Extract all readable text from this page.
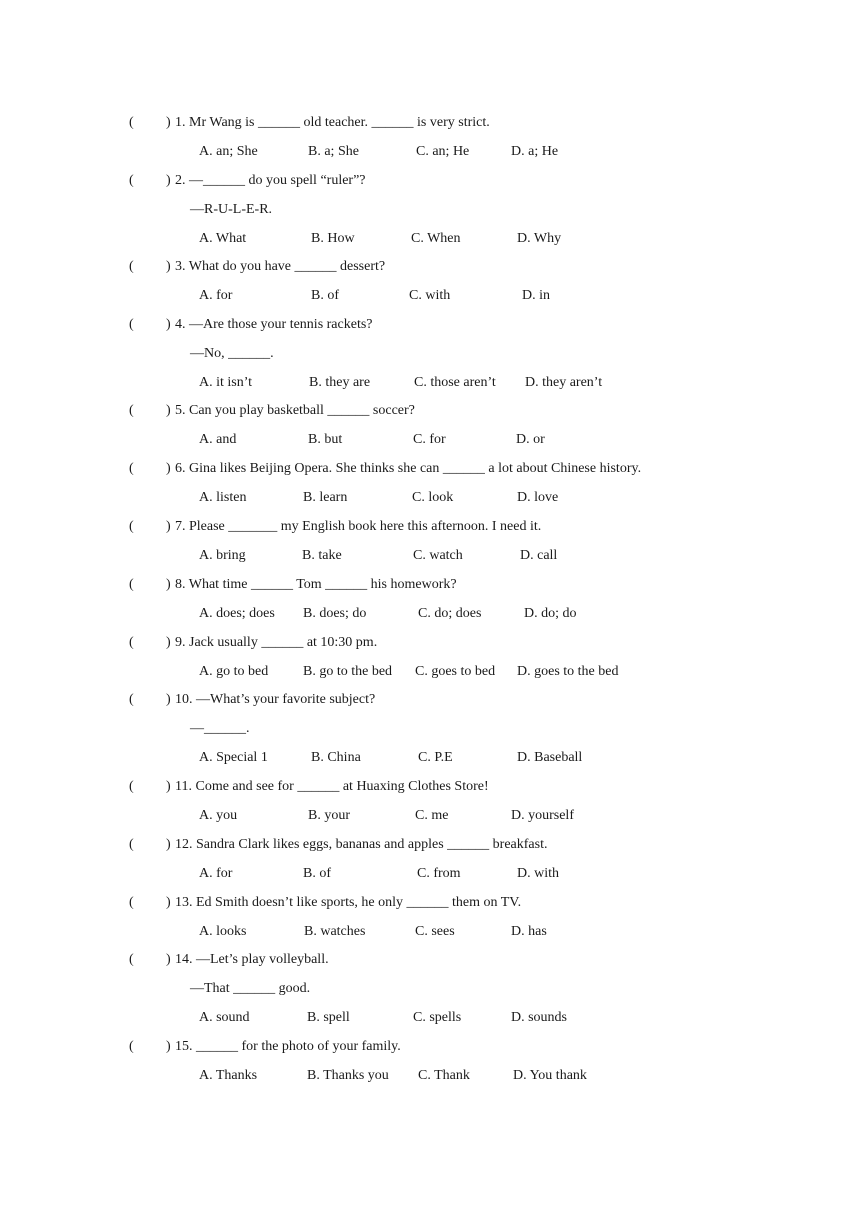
( ) 1. Mr Wang is ______ old teacher. ______ is very strict.
A. an; She	B. a; She	C. an; He	D. a; He
( ) 2. —______ do you spell “ruler”?
—R-U-L-E-R.
A. What	B. How	C. When	D. Why
( ) 3. What do you have ______ dessert?
A. for	B. of	C. with	D. in
( ) 4. —Are those your tennis rackets?
—No, ______.
A. it isn’t	B. they are	C. those aren’t D. they aren’t
( ) 5. Can you play basketball ______ soccer?
A. and	B. but	C. for	D. or
( ) 6. Gina likes Beijing Opera. She thinks she can ______ a lot about Chinese history.
A. listen	B. learn	C. look	D. love
( ) 7. Please _______ my English book here this afternoon. I need it.
A. bring	B. take	C. watch	D. call
( ) 8. What time ______ Tom ______ his homework?
A. does; does B. does; do	C. do; does	D. do; do
( ) 9. Jack usually ______ at 10:30 pm.
A. go to bed B. go to the bed C. goes to bed D. goes to the bed
( ) 10. —What’s your favorite subject?
—______.
A. Special 1	B. China	C. P.E	D. Baseball
( ) 11. Come and see for ______ at Huaxing Clothes Store!
A. you	B. your	C. me	D. yourself
( ) 12. Sandra Clark likes eggs, bananas and apples ______ breakfast.
A. for	B. of	C. from	D. with
( ) 13. Ed Smith doesn’t like sports, he only ______ them on TV.
A. looks	B. watches	C. sees	D. has
( ) 14. —Let’s play volleyball.
—That ______ good.
A. sound	B. spell	C. spells	D. sounds
( ) 15. ______ for the photo of your family.
A. Thanks	B. Thanks you C. Thank	D. You thank
